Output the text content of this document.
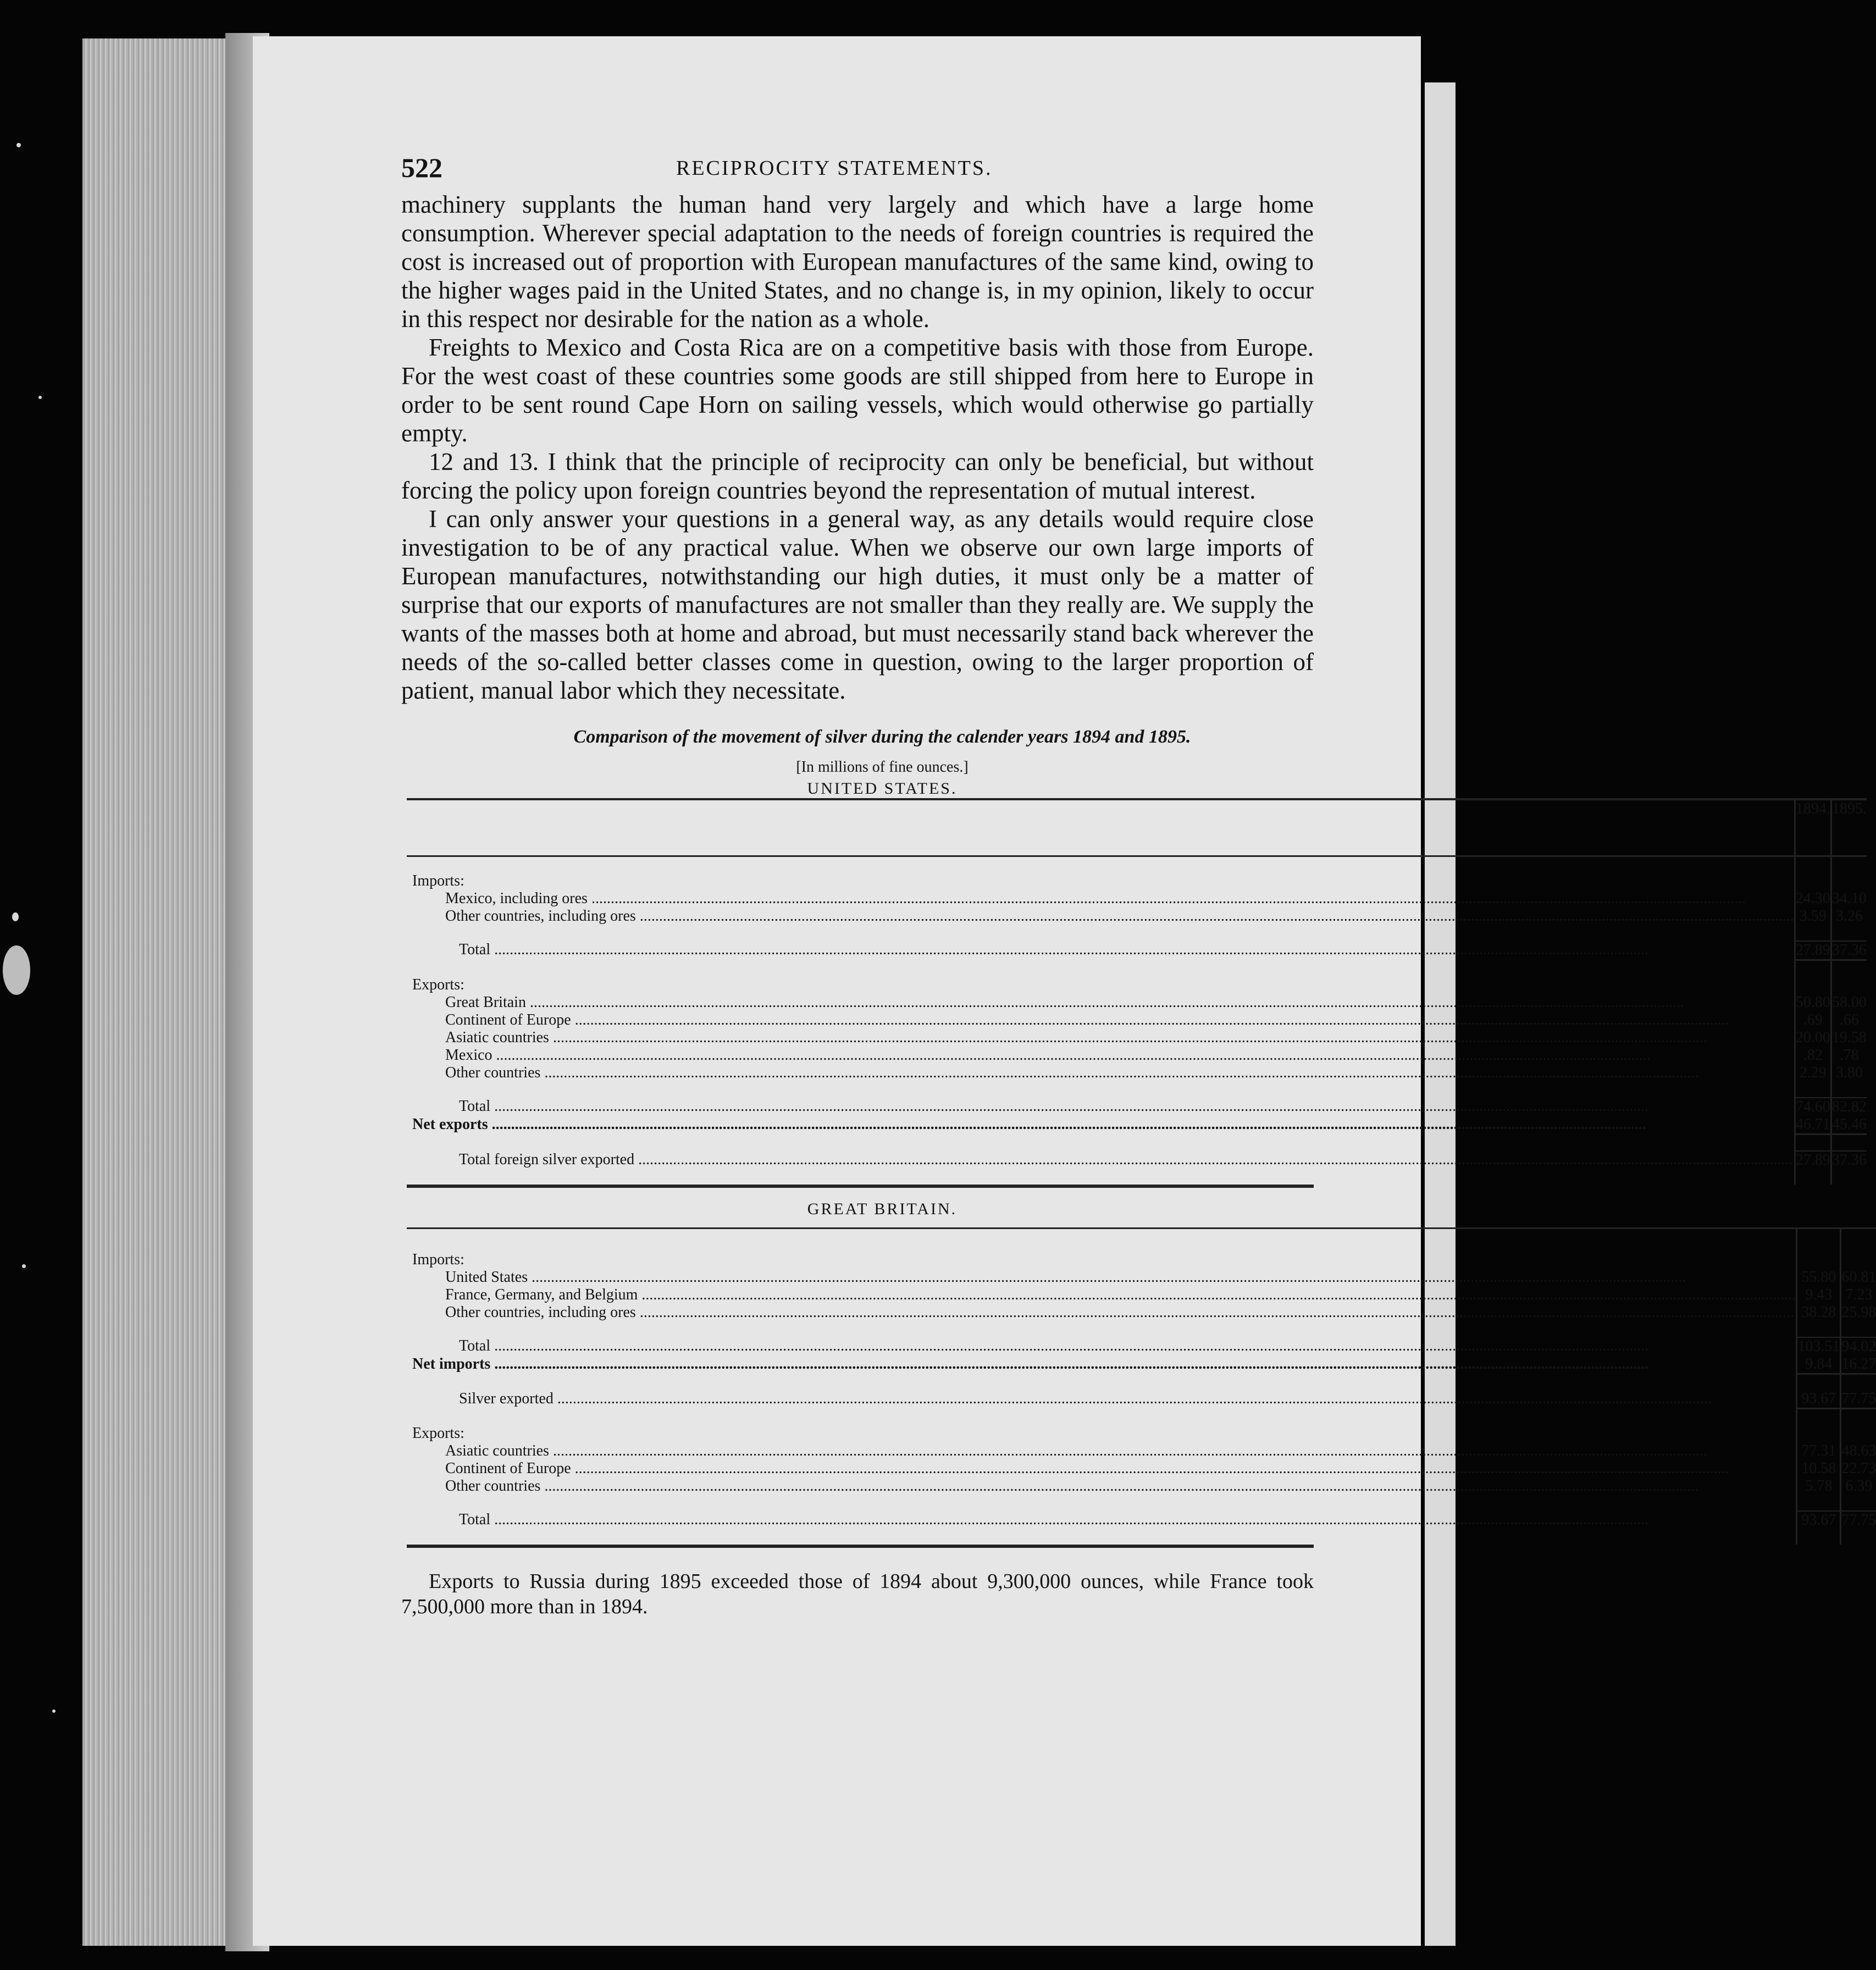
522	RECIPROCITY STATEMENTS.

machinery supplants the human hand very largely and which have a large home consumption. Wherever special adaptation to the needs of foreign countries is required the cost is increased out of proportion with European manufactures of the same kind, owing to the higher wages paid in the United States, and no change is, in my opinion, likely to occur in this respect nor desirable for the nation as a whole.

Freights to Mexico and Costa Rica are on a competitive basis with those from Europe. For the west coast of these countries some goods are still shipped from here to Europe in order to be sent round Cape Horn on sailing vessels, which would otherwise go partially empty.

12 and 13. I think that the principle of reciprocity can only be beneficial, but without forcing the policy upon foreign countries beyond the representation of mutual interest.

I can only answer your questions in a general way, as any details would require close investigation to be of any practical value. When we observe our own large imports of European manufactures, notwithstanding our high duties, it must only be a matter of surprise that our exports of manufactures are not smaller than they really are. We supply the wants of the masses both at home and abroad, but must necessarily stand back wherever the needs of the so-called better classes come in question, owing to the larger proportion of patient, manual labor which they necessitate.

Comparison of the movement of silver during the calender years 1894 and 1895.
[In millions of fine ounces.]
UNITED STATES.
	1894.	1895.

Imports:		
Mexico, including ores .....	24.30	34.10
Other countries, including ores .....	3.59	3.26

Total .....	27.89	37.36

Exports:		
Great Britain .....	50.80	58.00
Continent of Europe .....	.69	.66
Asiatic countries .....	20.00	19.58
Mexico .....	.82	.78
Other countries .....	2.29	3.80

Total .....	74.60	82.82
Net exports .....	46.71	45.46

Total foreign silver exported .....	27.89	37.36

GREAT BRITAIN.

Imports:		
United States .....	55.80	60.81
France, Germany, and Belgium .....	9.43	7.23
Other countries, including ores .....	38.28	25.98

Total .....	103.51	94.02
Net imports .....	9.84	16.27

Silver exported .....	93.67	77.75

Exports:		
Asiatic countries .....	77.31	48.63
Continent of Europe .....	10.58	22.73
Other countries .....	5.78	6.39

Total .....	93.67	77.75

Exports to Russia during 1895 exceeded those of 1894 about 9,300,000 ounces, while France took 7,500,000 more than in 1894.
